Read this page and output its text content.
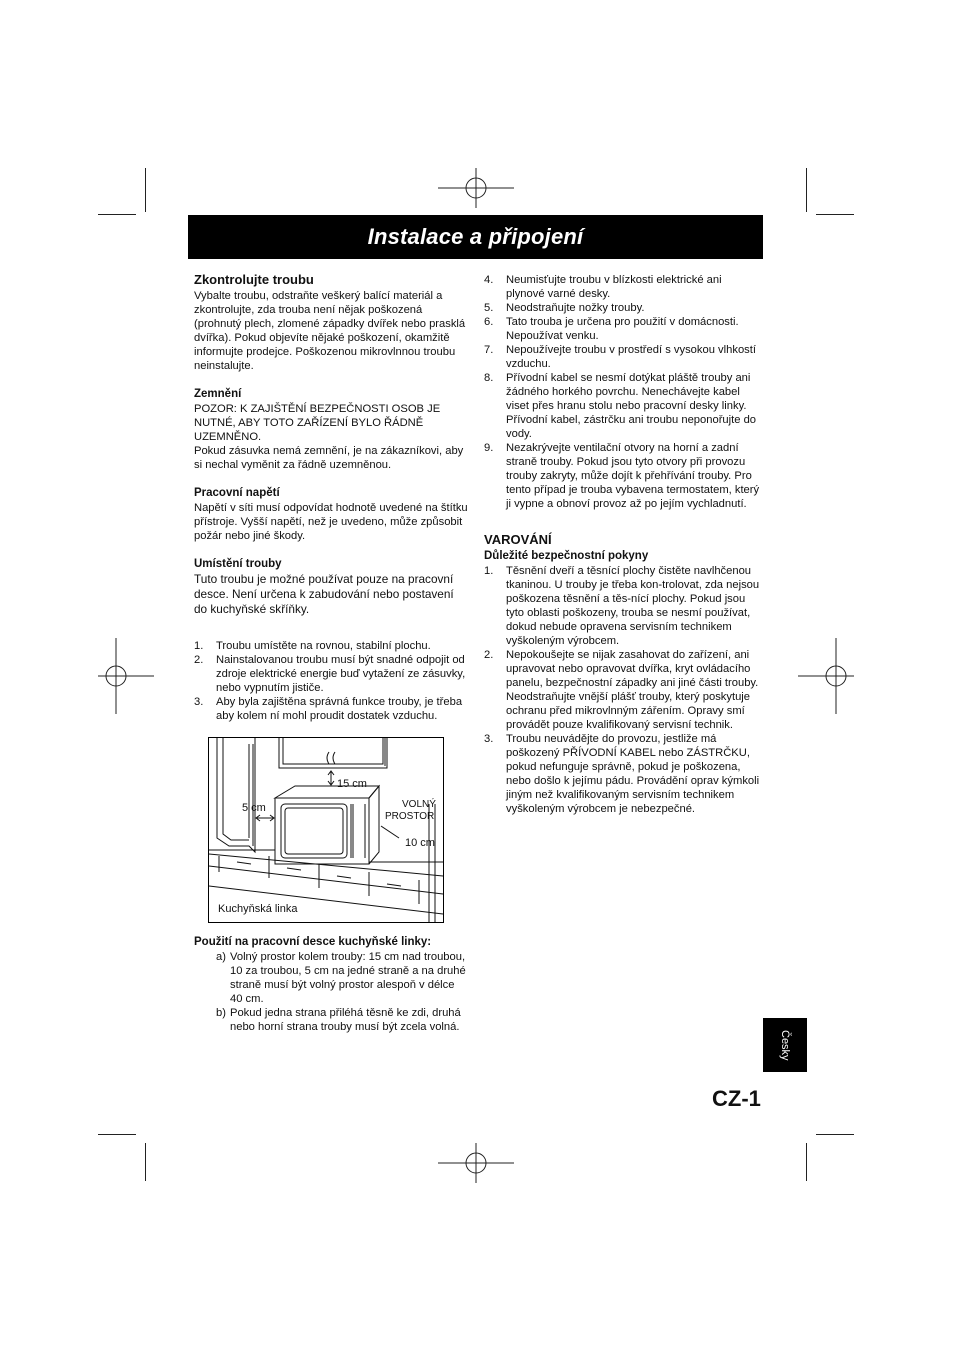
Instalace a připojení
Zkontrolujte troubu

Vybalte troubu, odstraňte veškerý balící materiál a zkontrolujte, zda trouba není nějak poškozená (prohnutý plech, zlomené západky dvířek nebo prasklá dvířka). Pokud objevíte nějaké poškození, okamžitě informujte prodejce. Poškozenou mikrovlnnou troubu neinstalujte.

Zemnění

POZOR: K ZAJIŠTĚNÍ BEZPEČNOSTI OSOB JE NUTNÉ, ABY TOTO ZAŘÍZENÍ BYLO ŘÁDNĚ UZEMNĚNO.

Pokud zásuvka nemá zemnění, je na zákazníkovi, aby si nechal vyměnit za řádně uzemněnou.

Pracovní napětí

Napětí v síti musí odpovídat hodnotě uvedené na štítku přístroje. Vyšší napětí, než je uvedeno, může způsobit požár nebo jiné škody.

Umístění trouby

Tuto troubu je možné používat pouze na pracovní desce. Není určena k zabudování nebo postavení do kuchyňské skříňky.

1. Troubu umístěte na rovnou, stabilní plochu.
2. Nainstalovanou troubu musí být snadné odpojit od zdroje elektrické energie buď vytažení ze zásuvky, nebo vypnutím jističe.
3. Aby byla zajištěna správná funkce trouby, je třeba aby kolem ní mohl proudit dostatek vzduchu.
15 cm
5 cm	VOLNÝ
PROSTOR
10 cm
Kuchyňská linka
Použití na pracovní desce kuchyňské linky:
a) Volný prostor kolem trouby: 15 cm nad troubou, 10 za troubou, 5 cm na jedné straně a na druhé straně musí být volný prostor alespoň v délce 40 cm.
b) Pokud jedna strana přiléhá těsně ke zdi, druhá nebo horní strana trouby musí být zcela volná.
4. Neumisťujte troubu v blízkosti elektrické ani plynové varné desky.
5. Neodstraňujte nožky trouby.
6. Tato trouba je určena pro použití v domácnosti. Nepoužívat venku.
7. Nepoužívejte troubu v prostředí s vysokou vlhkostí vzduchu.
8. Přívodní kabel se nesmí dotýkat pláště trouby ani žádného horkého povrchu. Nenechávejte kabel viset přes hranu stolu nebo pracovní desky linky. Přívodní kabel, zástrčku ani troubu neponořujte do vody.
9. Nezakrývejte ventilační otvory na horní a zadní straně trouby. Pokud jsou tyto otvory při provozu trouby zakryty, může dojít k přehřívání trouby. Pro tento případ je trouba vybavena termostatem, který ji vypne a obnoví provoz až po jejím vychladnutí.
VAROVÁNÍ
Důležité bezpečnostní pokyny
1. Těsnění dveří a těsnící plochy čistěte navlhčenou tkaninou. U trouby je třeba kon-trolovat, zda nejsou poškozena těsnění a těs-nící plochy. Pokud jsou tyto oblasti poškozeny, trouba se nesmí používat, dokud nebude opravena servisním technikem vyškoleným výrobcem.
2. Nepokoušejte se nijak zasahovat do zařízení, ani upravovat nebo opravovat dvířka, kryt ovládacího panelu, bezpečnostní západky ani jiné části trouby. Neodstraňujte vnější plášť trouby, který poskytuje ochranu před mikrovlnným zářením. Opravy smí provádět pouze kvalifikovaný servisní technik.
3. Troubu neuvádějte do provozu, jestliže má poškozený PŘÍVODNÍ KABEL nebo ZÁSTRČKU, pokud nefunguje správně, pokud je poškozena, nebo došlo k jejímu pádu. Provádění oprav kýmkoli jiným než kvalifikovaným servisním technikem vyškoleným výrobcem je nebezpečné.
Česky
CZ-1
